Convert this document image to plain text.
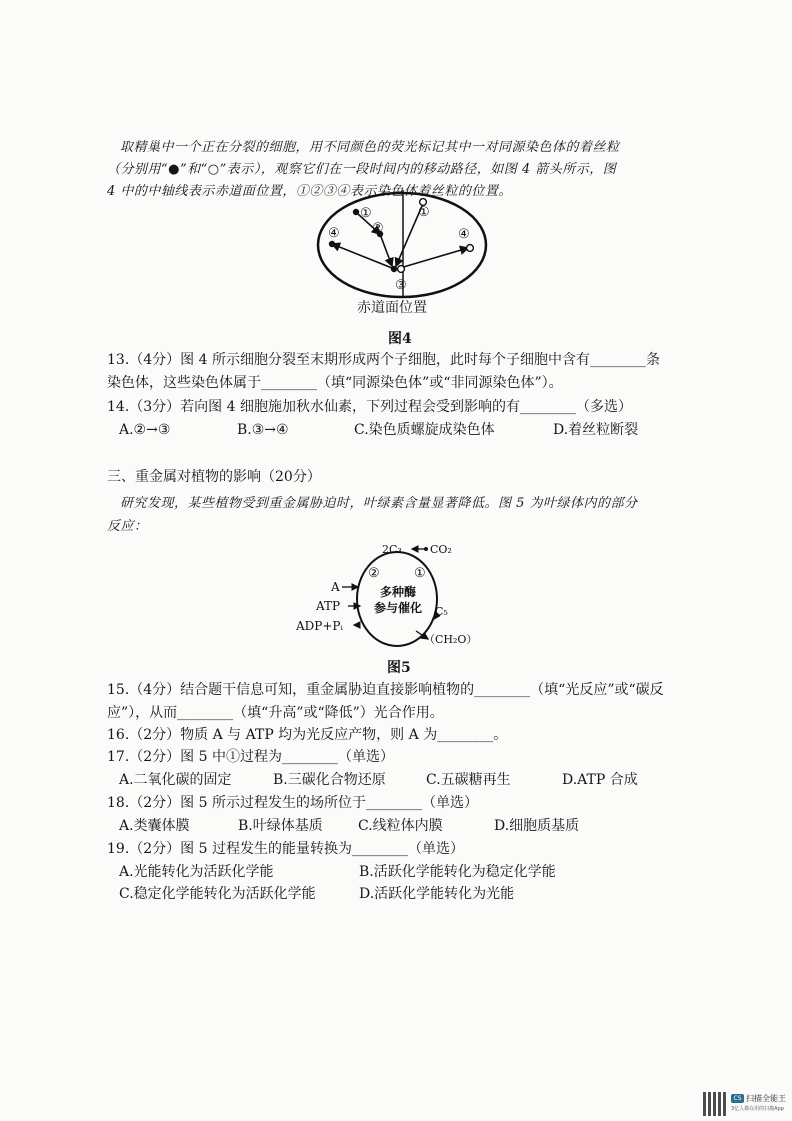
取精巢中一个正在分裂的细胞，用不同颜色的荧光标记其中一对同源染色体的着丝粒
（分别用“●”和“○”表示），观察它们在一段时间内的移动路径，如图 4 箭头所示，图
4 中的中轴线表示赤道面位置，①②③④表示染色体着丝粒的位置。
①	①
②
③
④	④
赤道面位置
图4
13.（4分）图 4 所示细胞分裂至末期形成两个子细胞，此时每个子细胞中含有________条
染色体，这些染色体属于________（填“同源染色体”或“非同源染色体”）。
14.（3分）若向图 4 细胞施加秋水仙素，下列过程会受到影响的有________（多选）
A.②→③	B.③→④	C.染色质螺旋成染色体	D.着丝粒断裂
三、重金属对植物的影响（20分）
研究发现，某些植物受到重金属胁迫时，叶绿素含量显著降低。图 5 为叶绿体内的部分
反应：
2C₃	CO₂
A
ATP
ADP+Pᵢ
②	①
多种酶
参与催化 C₅
（CH₂O）
图5
15.（4分）结合题干信息可知，重金属胁迫直接影响植物的________（填“光反应”或“碳反
应”），从而________（填“升高”或“降低”）光合作用。
16.（2分）物质 A 与 ATP 均为光反应产物，则 A 为________。
17.（2分）图 5 中①过程为________（单选）
A.二氧化碳的固定	B.三碳化合物还原	C.五碳糖再生	D.ATP 合成
18.（2分）图 5 所示过程发生的场所位于________（单选）
A.类囊体膜	B.叶绿体基质	C.线粒体内膜	D.细胞质基质
19.（2分）图 5 过程发生的能量转换为________（单选）
A.光能转化为活跃化学能	B.活跃化学能转化为稳定化学能
C.稳定化学能转化为活跃化学能	D.活跃化学能转化为光能
CS 扫描全能王
3亿人都在用的扫描App
